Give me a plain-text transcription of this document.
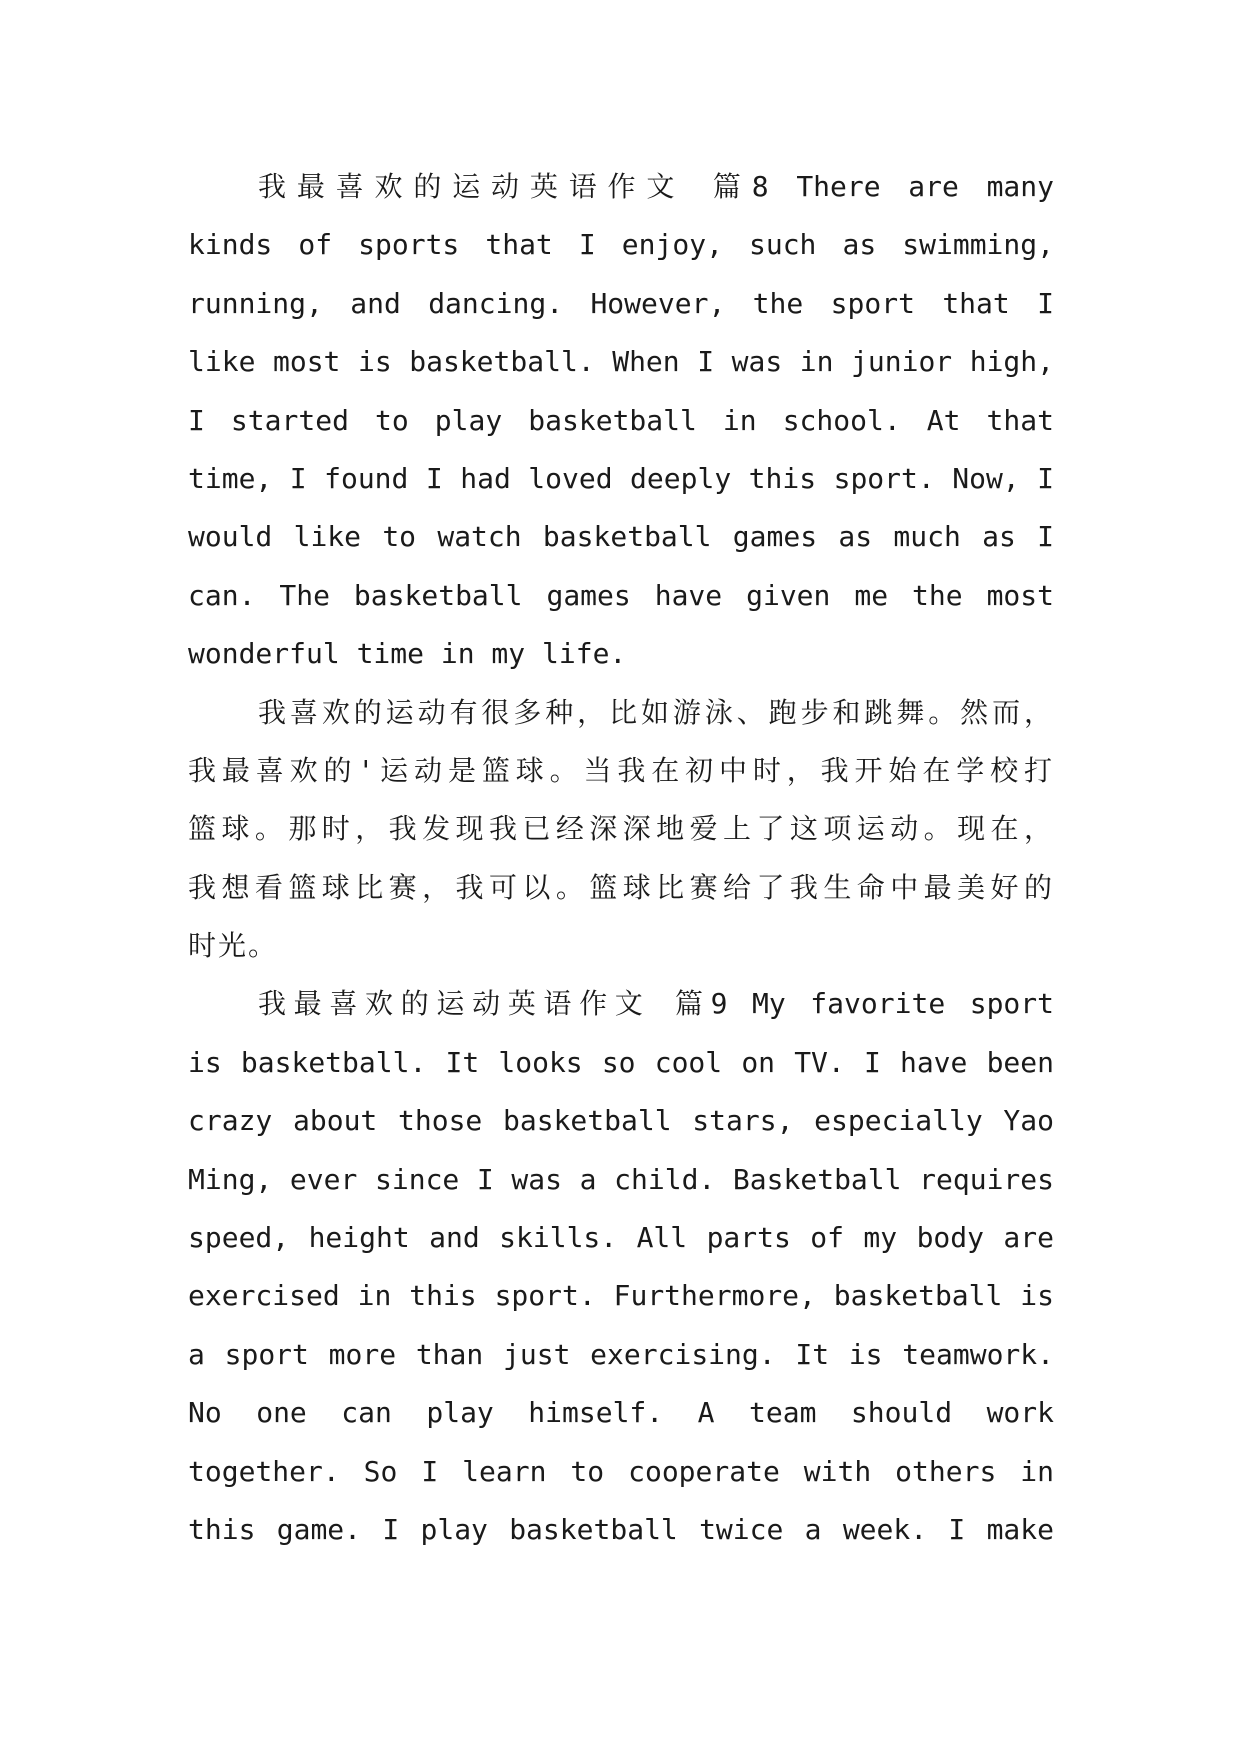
我最喜欢的运动英语作文 篇8 There are many
kinds of sports that I enjoy, such as swimming,
running, and dancing. However, the sport that I
like most is basketball. When I was in junior high,
I started to play basketball in school. At that
time, I found I had loved deeply this sport. Now, I
would like to watch basketball games as much as I
can. The basketball games have given me the most
wonderful time in my life.
我喜欢的运动有很多种，比如游泳、跑步和跳舞。然而，
我最喜欢的'运动是篮球。当我在初中时，我开始在学校打
篮球。那时，我发现我已经深深地爱上了这项运动。现在，
我想看篮球比赛，我可以。篮球比赛给了我生命中最美好的
时光。
我最喜欢的运动英语作文 篇9 My favorite sport
is basketball. It looks so cool on TV. I have been
crazy about those basketball stars, especially Yao
Ming, ever since I was a child. Basketball requires
speed, height and skills. All parts of my body are
exercised in this sport. Furthermore, basketball is
a sport more than just exercising. It is teamwork.
No one can play himself. A team should work
together. So I learn to cooperate with others in
this game. I play basketball twice a week. I make
